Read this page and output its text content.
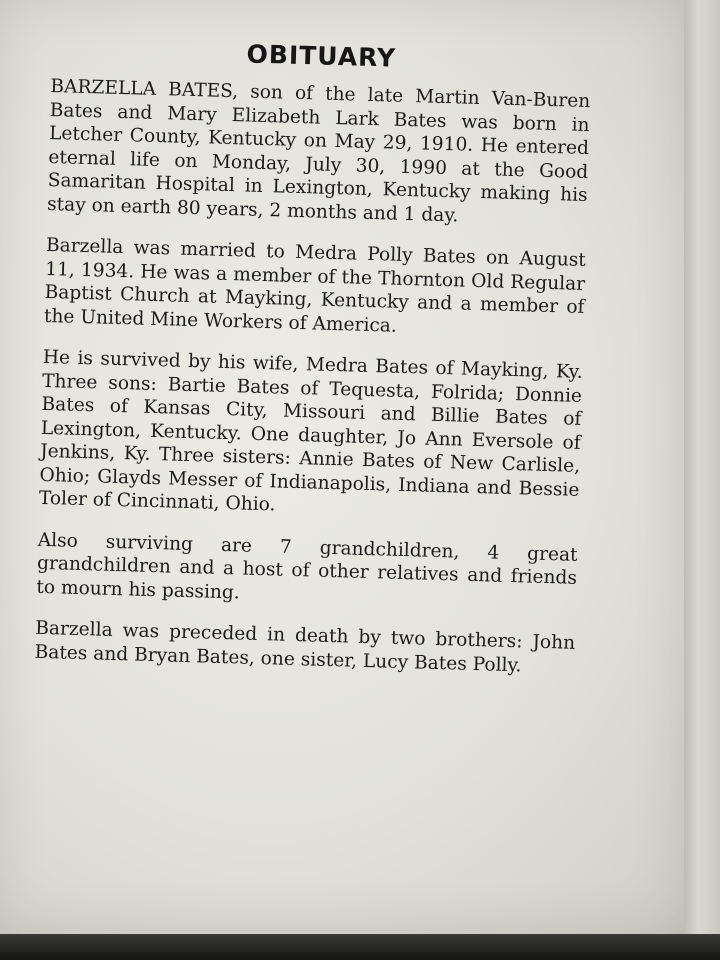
OBITUARY

BARZELLA BATES, son of the late Martin Van-Buren Bates and Mary Elizabeth Lark Bates was born in Letcher County, Kentucky on May 29, 1910. He entered eternal life on Monday, July 30, 1990 at the Good Samaritan Hospital in Lexington, Kentucky making his stay on earth 80 years, 2 months and 1 day.

Barzella was married to Medra Polly Bates on August 11, 1934. He was a member of the Thornton Old Regular Baptist Church at Mayking, Kentucky and a member of the United Mine Workers of America.

He is survived by his wife, Medra Bates of Mayking, Ky. Three sons: Bartie Bates of Tequesta, Folrida; Donnie Bates of Kansas City, Missouri and Billie Bates of Lexington, Kentucky. One daughter, Jo Ann Eversole of Jenkins, Ky. Three sisters: Annie Bates of New Carlisle, Ohio; Glayds Messer of Indianapolis, Indiana and Bessie Toler of Cincinnati, Ohio.

Also surviving are 7 grandchildren, 4 great grandchildren and a host of other relatives and friends to mourn his passing.

Barzella was preceded in death by two brothers: John Bates and Bryan Bates, one sister, Lucy Bates Polly.
